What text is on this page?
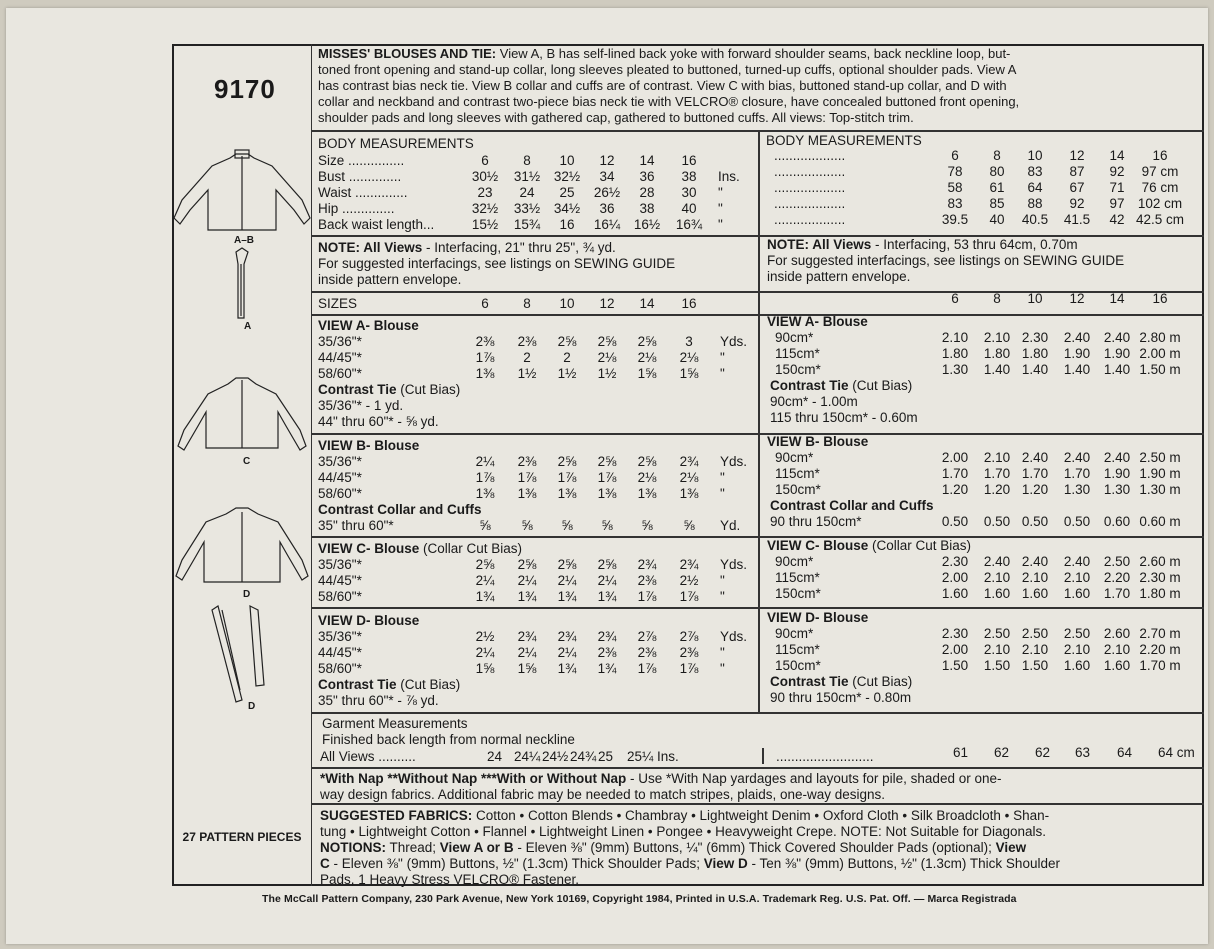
9170
A–B
A
C
D
D
27 PATTERN PIECES
The McCall Pattern Company, 230 Park Avenue, New York 10169, Copyright 1984, Printed in U.S.A. Trademark Reg. U.S. Pat. Off. — Marca Registrada
MISSES' BLOUSES AND TIE: View A, B has self-lined back yoke with forward shoulder seams, back neckline loop, but-
toned front opening and stand-up collar, long sleeves pleated to buttoned, turned-up cuffs, optional shoulder pads. View A
has contrast bias neck tie. View B collar and cuffs are of contrast. View C with bias, buttoned stand-up collar, and D with
collar and neckband and contrast two-piece bias neck tie with VELCRO® closure, have concealed buttoned front opening,
shoulder pads and long sleeves with gathered cap, gathered to buttoned cuffs. All views: Top-stitch trim.
BODY MEASUREMENTS
Size ...............	6	8 10 12 14 16
Bust ..............	30½ 31½ 32½ 34 36 38 Ins.
Waist ..............	23 24 25 26½ 28 30 "
Hip ..............	32½ 33½ 34½ 36 38 40 "
Back waist length...	15½ 15¾ 16 16¼ 16½ 16¾ "
BODY MEASUREMENTS
...................	6	8 10 12 14 16
...................	78 80 83 87 92 97 cm
...................	58 61 64 67 71 76 cm
...................	83 85 88 92 97 102 cm
...................	39.5 40 40.5 41.5 42 42.5 cm
NOTE: All Views - Interfacing, 21" thru 25", ¾ yd.
For suggested interfacings, see listings on SEWING GUIDE
inside pattern envelope.
NOTE: All Views - Interfacing, 53 thru 64cm, 0.70m
For suggested interfacings, see listings on SEWING GUIDE
inside pattern envelope.
SIZES	6	8 10 12 14 16	6	8 10 12 14 16
VIEW A- Blouse
35/36"*	2⅜ 2⅜ 2⅝ 2⅝ 2⅝ 3 Yds.
44/45"*	1⅞ 2 2 2⅛ 2⅛ 2⅛ "
58/60"*	1⅜ 1½ 1½ 1½ 1⅝ 1⅝ "
Contrast Tie (Cut Bias)
35/36"* - 1 yd.
44" thru 60"* - ⅝ yd.
VIEW B- Blouse
35/36"*	2¼ 2⅜ 2⅝ 2⅝ 2⅝ 2¾ Yds.
44/45"*	1⅞ 1⅞ 1⅞ 1⅞ 2⅛ 2⅛ "
58/60"*	1⅜ 1⅜ 1⅜ 1⅜ 1⅜ 1⅜ "
Contrast Collar and Cuffs
35" thru 60"*	⅝ ⅝ ⅝ ⅝ ⅝ ⅝ Yd.
VIEW C- Blouse (Collar Cut Bias)
35/36"*	2⅝ 2⅝ 2⅝ 2⅝ 2¾ 2¾ Yds.
44/45"*	2¼ 2¼ 2¼ 2¼ 2⅜ 2½ "
58/60"*	1¾ 1¾ 1¾ 1¾ 1⅞ 1⅞ "
VIEW D- Blouse
35/36"*	2½ 2¾ 2¾ 2¾ 2⅞ 2⅞ Yds.
44/45"*	2¼ 2¼ 2¼ 2⅜ 2⅜ 2⅜ "
58/60"*	1⅝ 1⅝ 1¾ 1¾ 1⅞ 1⅞ "
Contrast Tie (Cut Bias)
35" thru 60"* - ⅞ yd.
VIEW A- Blouse
90cm*	2.10 2.10 2.30 2.40 2.40 2.80 m
115cm*	1.80 1.80 1.80 1.90 1.90 2.00 m
150cm*	1.30 1.40 1.40 1.40 1.40 1.50 m
Contrast Tie (Cut Bias)
90cm* - 1.00m
115 thru 150cm* - 0.60m
VIEW B- Blouse
90cm*	2.00 2.10 2.40 2.40 2.40 2.50 m
115cm*	1.70 1.70 1.70 1.70 1.90 1.90 m
150cm*	1.20 1.20 1.20 1.30 1.30 1.30 m
Contrast Collar and Cuffs
90 thru 150cm*	0.50 0.50 0.50 0.50 0.60 0.60 m
VIEW C- Blouse (Collar Cut Bias)
90cm*	2.30 2.40 2.40 2.40 2.50 2.60 m
115cm*	2.00 2.10 2.10 2.10 2.20 2.30 m
150cm*	1.60 1.60 1.60 1.60 1.70 1.80 m
VIEW D- Blouse
90cm*	2.30 2.50 2.50 2.50 2.60 2.70 m
115cm*	2.00 2.10 2.10 2.10 2.10 2.20 m
150cm*	1.50 1.50 1.50 1.60 1.60 1.70 m
Contrast Tie (Cut Bias)
90 thru 150cm* - 0.80m
Garment Measurements
Finished back length from normal neckline
All Views ..........	24 24¼ 24½ 24¾ 25 25¼ Ins.	..........................	61 62 62 63 64 64 cm
*With Nap **Without Nap ***With or Without Nap - Use *With Nap yardages and layouts for pile, shaded or one-
way design fabrics. Additional fabric may be needed to match stripes, plaids, one-way designs.
SUGGESTED FABRICS: Cotton • Cotton Blends • Chambray • Lightweight Denim • Oxford Cloth • Silk Broadcloth • Shan-
tung • Lightweight Cotton • Flannel • Lightweight Linen • Pongee • Heavyweight Crepe. NOTE: Not Suitable for Diagonals.
NOTIONS: Thread; View A or B - Eleven ⅜" (9mm) Buttons, ¼" (6mm) Thick Covered Shoulder Pads (optional); View
C - Eleven ⅜" (9mm) Buttons, ½" (1.3cm) Thick Shoulder Pads; View D - Ten ⅜" (9mm) Buttons, ½" (1.3cm) Thick Shoulder
Pads, 1 Heavy Stress VELCRO® Fastener.
